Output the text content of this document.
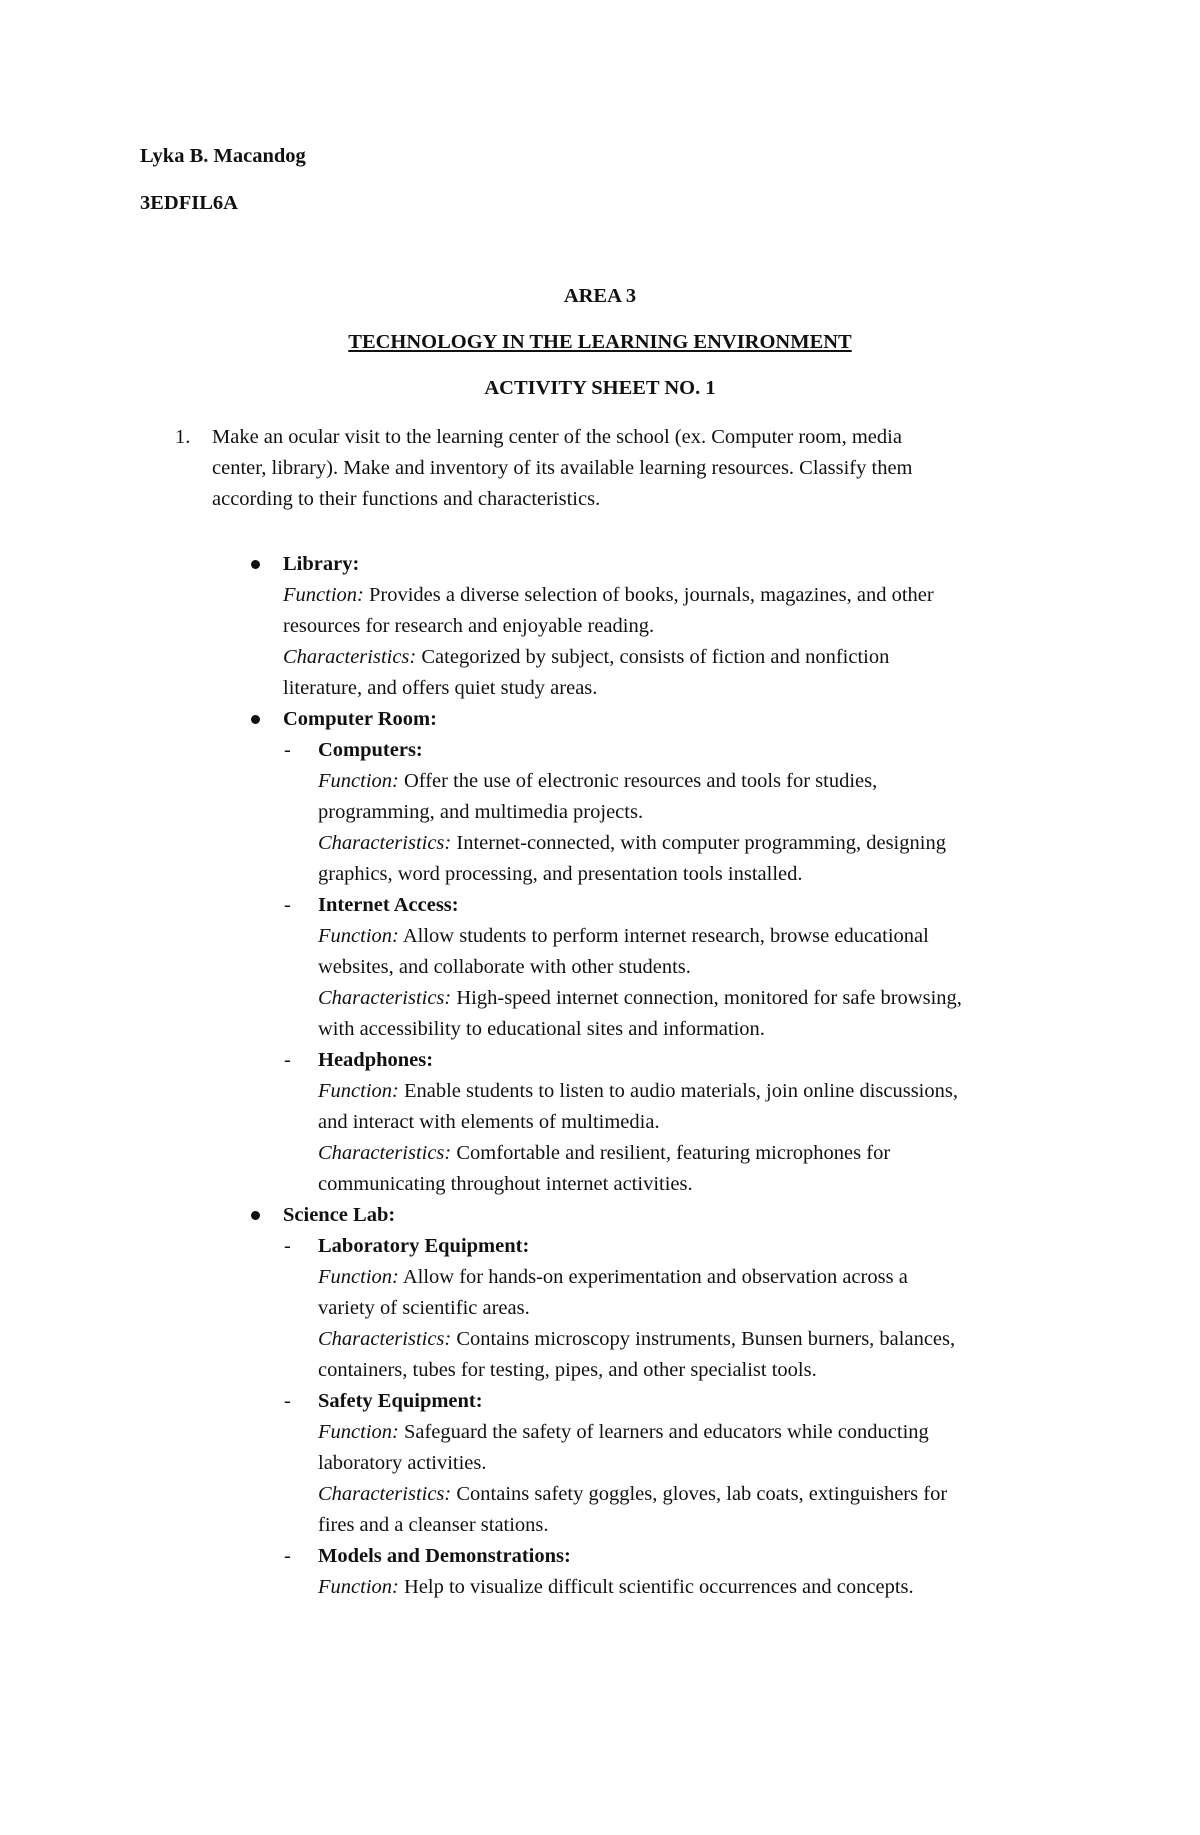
Lyka B. Macandog
3EDFIL6A
AREA 3
TECHNOLOGY IN THE LEARNING ENVIRONMENT
ACTIVITY SHEET NO. 1
1. Make an ocular visit to the learning center of the school (ex. Computer room, media
center, library). Make and inventory of its available learning resources. Classify them
according to their functions and characteristics.
Library:
Function: Provides a diverse selection of books, journals, magazines, and other
resources for research and enjoyable reading.
Characteristics: Categorized by subject, consists of fiction and nonfiction
literature, and offers quiet study areas.
Computer Room:
- Computers:
Function: Offer the use of electronic resources and tools for studies,
programming, and multimedia projects.
Characteristics: Internet-connected, with computer programming, designing
graphics, word processing, and presentation tools installed.
- Internet Access:
Function: Allow students to perform internet research, browse educational
websites, and collaborate with other students.
Characteristics: High-speed internet connection, monitored for safe browsing,
with accessibility to educational sites and information.
- Headphones:
Function: Enable students to listen to audio materials, join online discussions,
and interact with elements of multimedia.
Characteristics: Comfortable and resilient, featuring microphones for
communicating throughout internet activities.
Science Lab:
- Laboratory Equipment:
Function: Allow for hands-on experimentation and observation across a
variety of scientific areas.
Characteristics: Contains microscopy instruments, Bunsen burners, balances,
containers, tubes for testing, pipes, and other specialist tools.
- Safety Equipment:
Function: Safeguard the safety of learners and educators while conducting
laboratory activities.
Characteristics: Contains safety goggles, gloves, lab coats, extinguishers for
fires and a cleanser stations.
- Models and Demonstrations:
Function: Help to visualize difficult scientific occurrences and concepts.
